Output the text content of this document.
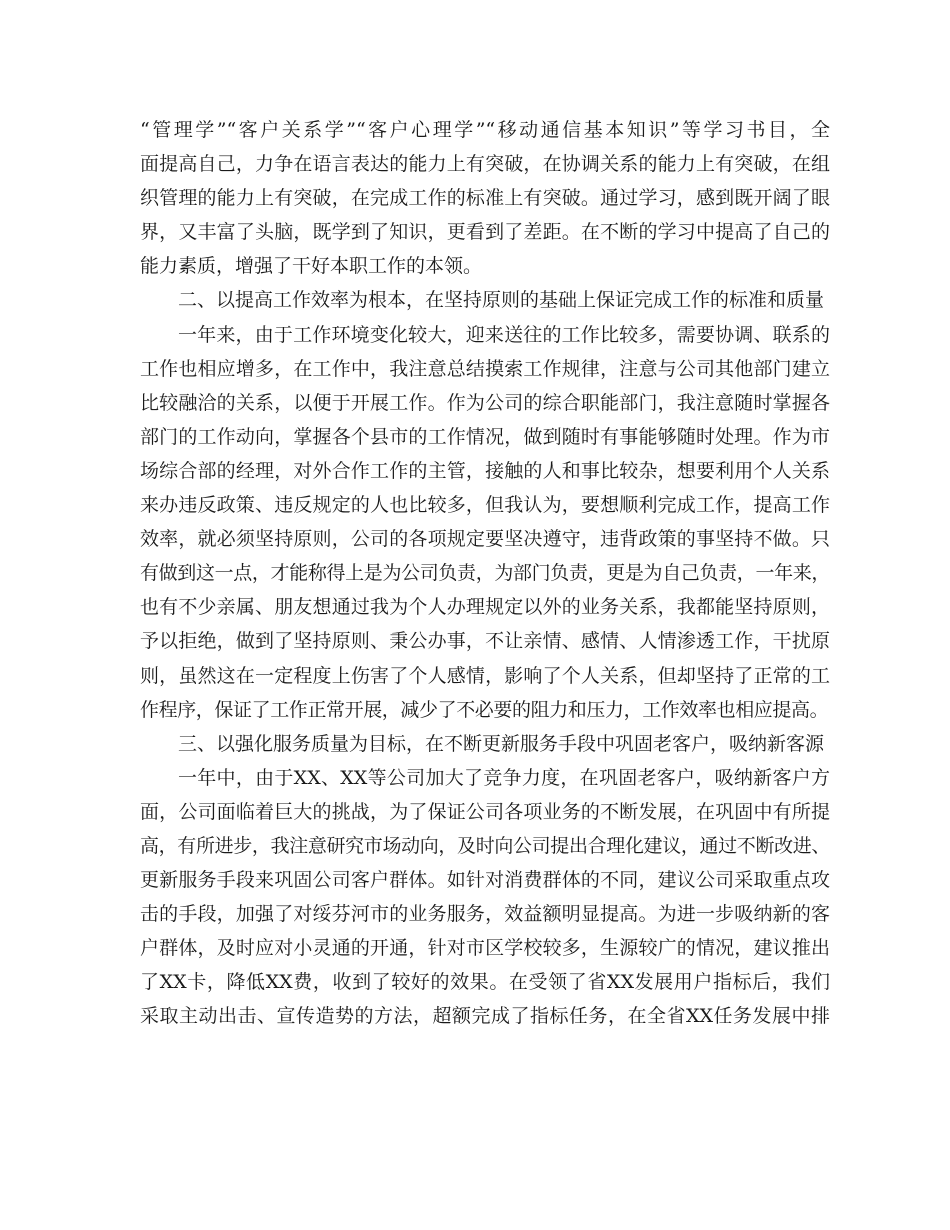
“管理学”“客户关系学”“客户心理学”“移动通信基本知识”等学习书目，全
面提高自己，力争在语言表达的能力上有突破，在协调关系的能力上有突破，在组
织管理的能力上有突破，在完成工作的标准上有突破。通过学习，感到既开阔了眼
界，又丰富了头脑，既学到了知识，更看到了差距。在不断的学习中提高了自己的
能力素质，增强了干好本职工作的本领。
二、以提高工作效率为根本，在坚持原则的基础上保证完成工作的标准和质量
一年来，由于工作环境变化较大，迎来送往的工作比较多，需要协调、联系的
工作也相应增多，在工作中，我注意总结摸索工作规律，注意与公司其他部门建立
比较融洽的关系，以便于开展工作。作为公司的综合职能部门，我注意随时掌握各
部门的工作动向，掌握各个县市的工作情况，做到随时有事能够随时处理。作为市
场综合部的经理，对外合作工作的主管，接触的人和事比较杂，想要利用个人关系
来办违反政策、违反规定的人也比较多，但我认为，要想顺利完成工作，提高工作
效率，就必须坚持原则，公司的各项规定要坚决遵守，违背政策的事坚持不做。只
有做到这一点，才能称得上是为公司负责，为部门负责，更是为自己负责，一年来，
也有不少亲属、朋友想通过我为个人办理规定以外的业务关系，我都能坚持原则，
予以拒绝，做到了坚持原则、秉公办事，不让亲情、感情、人情渗透工作，干扰原
则，虽然这在一定程度上伤害了个人感情，影响了个人关系，但却坚持了正常的工
作程序，保证了工作正常开展，减少了不必要的阻力和压力，工作效率也相应提高。
三、以强化服务质量为目标，在不断更新服务手段中巩固老客户，吸纳新客源
一年中，由于XX、XX等公司加大了竞争力度，在巩固老客户，吸纳新客户方
面，公司面临着巨大的挑战，为了保证公司各项业务的不断发展，在巩固中有所提
高，有所进步，我注意研究市场动向，及时向公司提出合理化建议，通过不断改进、
更新服务手段来巩固公司客户群体。如针对消费群体的不同，建议公司采取重点攻
击的手段，加强了对绥芬河市的业务服务，效益额明显提高。为进一步吸纳新的客
户群体，及时应对小灵通的开通，针对市区学校较多，生源较广的情况，建议推出
了XX卡，降低XX费，收到了较好的效果。在受领了省XX发展用户指标后，我们
采取主动出击、宣传造势的方法，超额完成了指标任务，在全省XX任务发展中排
